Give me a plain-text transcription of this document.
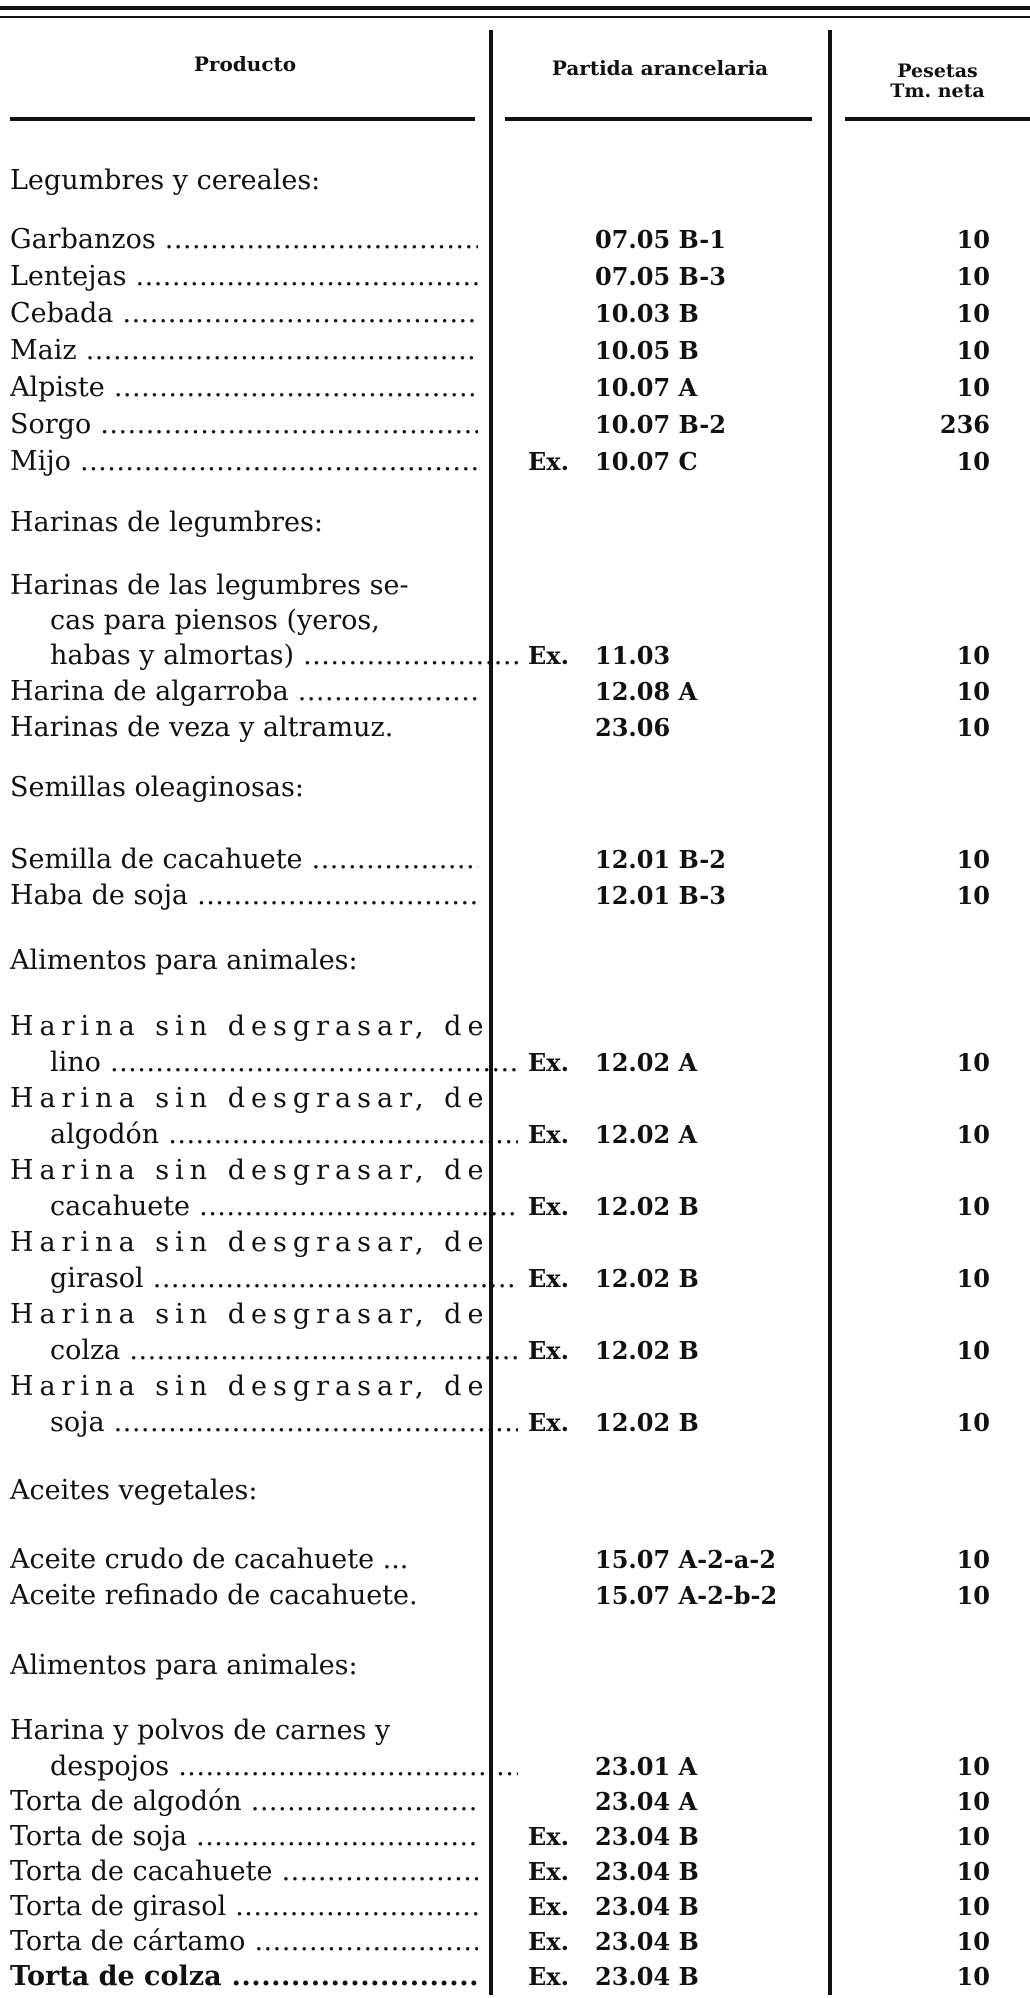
Producto	Partida arancelaria	Pesetas
Tm. neta
Legumbres y cereales:
Garbanzos .....	07.05 B-1	10
Lentejas .....	07.05 B-3	10
Cebada .....	10.03 B	10
Maiz .....	10.05 B	10
Alpiste .....	10.07 A	10
Sorgo .....	10.07 B-2	236
Mijo .....	Ex.	10.07 C	10
Harinas de legumbres:
Harinas de las legumbres se-
cas para piensos (yeros,
habas y almortas) .....	Ex.	11.03	10
Harina de algarroba .....	12.08 A	10
Harinas de veza y altramuz.	23.06	10
Semillas oleaginosas:
Semilla de cacahuete .....	12.01 B-2	10
Haba de soja .....	12.01 B-3	10
Alimentos para animales:
Harina sin desgrasar, de
lino .....	Ex.	12.02 A	10
Harina sin desgrasar, de
algodón .....	Ex.	12.02 A	10
Harina sin desgrasar, de
cacahuete .....	Ex.	12.02 B	10
Harina sin desgrasar, de
girasol .....	Ex.	12.02 B	10
Harina sin desgrasar, de
colza .....	Ex.	12.02 B	10
Harina sin desgrasar, de
soja .....	Ex.	12.02 B	10
Aceites vegetales:
Aceite crudo de cacahuete ...	15.07 A-2-a-2	10
Aceite refinado de cacahuete.	15.07 A-2-b-2	10
Alimentos para animales:
Harina y polvos de carnes y
despojos .....	23.01 A	10
Torta de algodón .....	23.04 A	10
Torta de soja .....	Ex.	23.04 B	10
Torta de cacahuete .....	Ex.	23.04 B	10
Torta de girasol .....	Ex.	23.04 B	10
Torta de cártamo .....	Ex.	23.04 B	10
Torta de colza .....	Ex.	23.04 B	10
